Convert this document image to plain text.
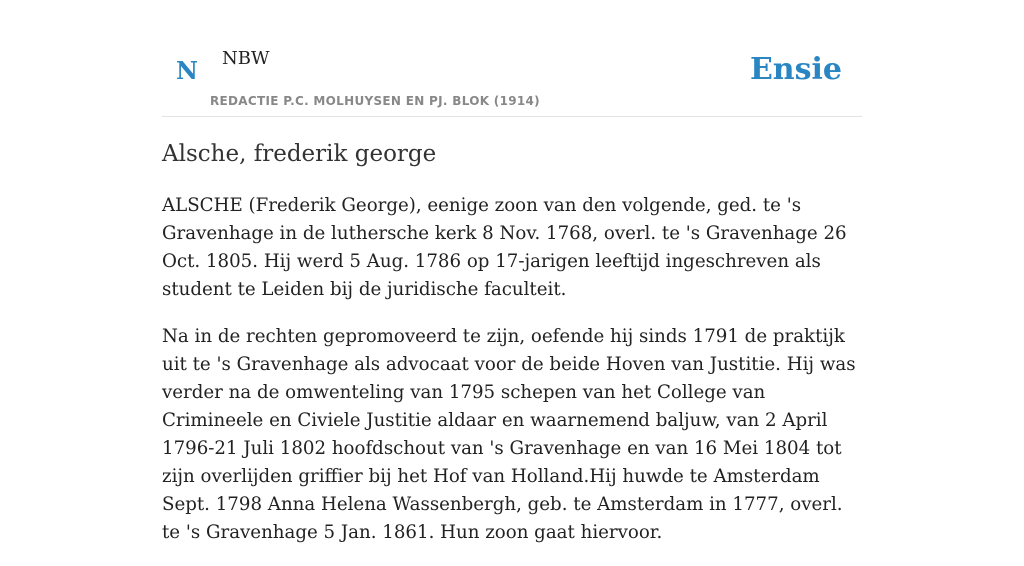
N NBW
REDACTIE P.C. MOLHUYSEN EN PJ. BLOK (1914)
Ensie
Alsche, frederik george

ALSCHE (Frederik George), eenige zoon van den volgende, ged. te 's Gravenhage in de luthersche kerk 8 Nov. 1768, overl. te 's Gravenhage 26 Oct. 1805. Hij werd 5 Aug. 1786 op 17-jarigen leeftijd ingeschreven als student te Leiden bij de juridische faculteit.

Na in de rechten gepromoveerd te zijn, oefende hij sinds 1791 de praktijk uit te 's Gravenhage als advocaat voor de beide Hoven van Justitie. Hij was verder na de omwenteling van 1795 schepen van het College van Crimineele en Civiele Justitie aldaar en waarnemend baljuw, van 2 April 1796-21 Juli 1802 hoofdschout van 's Gravenhage en van 16 Mei 1804 tot zijn overlijden griffier bij het Hof van Holland.Hij huwde te Amsterdam Sept. 1798 Anna Helena Wassenbergh, geb. te Amsterdam in 1777, overl. te 's Gravenhage 5 Jan. 1861. Hun zoon gaat hiervoor.
